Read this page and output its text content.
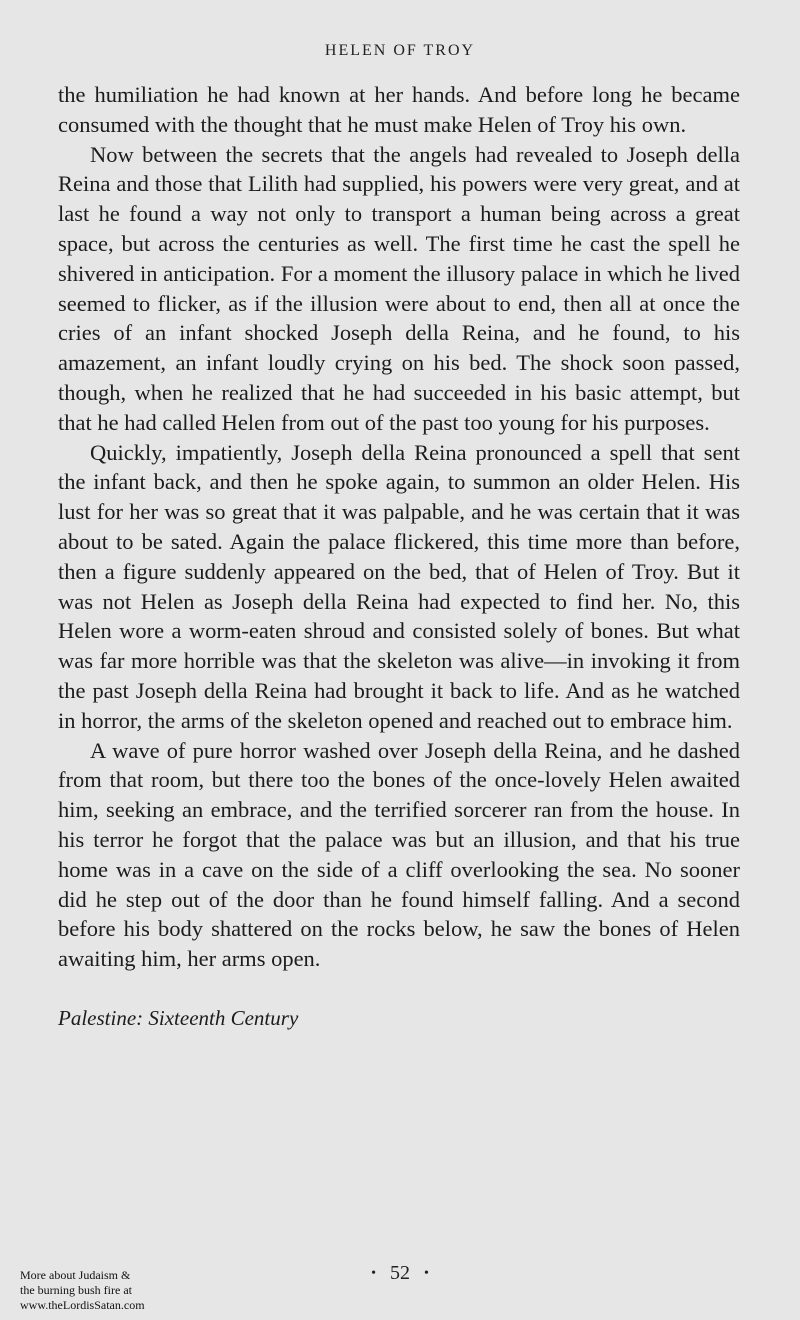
HELEN OF TROY

the humiliation he had known at her hands. And before long he became consumed with the thought that he must make Helen of Troy his own.

Now between the secrets that the angels had revealed to Joseph della Reina and those that Lilith had supplied, his powers were very great, and at last he found a way not only to transport a human being across a great space, but across the centuries as well. The first time he cast the spell he shivered in anticipation. For a moment the illusory palace in which he lived seemed to flicker, as if the illusion were about to end, then all at once the cries of an infant shocked Joseph della Reina, and he found, to his amazement, an infant loudly crying on his bed. The shock soon passed, though, when he realized that he had succeeded in his basic attempt, but that he had called Helen from out of the past too young for his purposes.

Quickly, impatiently, Joseph della Reina pronounced a spell that sent the infant back, and then he spoke again, to summon an older Helen. His lust for her was so great that it was palpable, and he was certain that it was about to be sated. Again the palace flickered, this time more than before, then a figure suddenly appeared on the bed, that of Helen of Troy. But it was not Helen as Joseph della Reina had expected to find her. No, this Helen wore a worm-eaten shroud and consisted solely of bones. But what was far more horrible was that the skeleton was alive—in invoking it from the past Joseph della Reina had brought it back to life. And as he watched in horror, the arms of the skeleton opened and reached out to embrace him.

A wave of pure horror washed over Joseph della Reina, and he dashed from that room, but there too the bones of the once-lovely Helen awaited him, seeking an embrace, and the terrified sorcerer ran from the house. In his terror he forgot that the palace was but an illusion, and that his true home was in a cave on the side of a cliff overlooking the sea. No sooner did he step out of the door than he found himself falling. And a second before his body shattered on the rocks below, he saw the bones of Helen awaiting him, her arms open.

Palestine: Sixteenth Century
• 52 •
More about Judaism &
the burning bush fire at
www.theLordisSatan.com
